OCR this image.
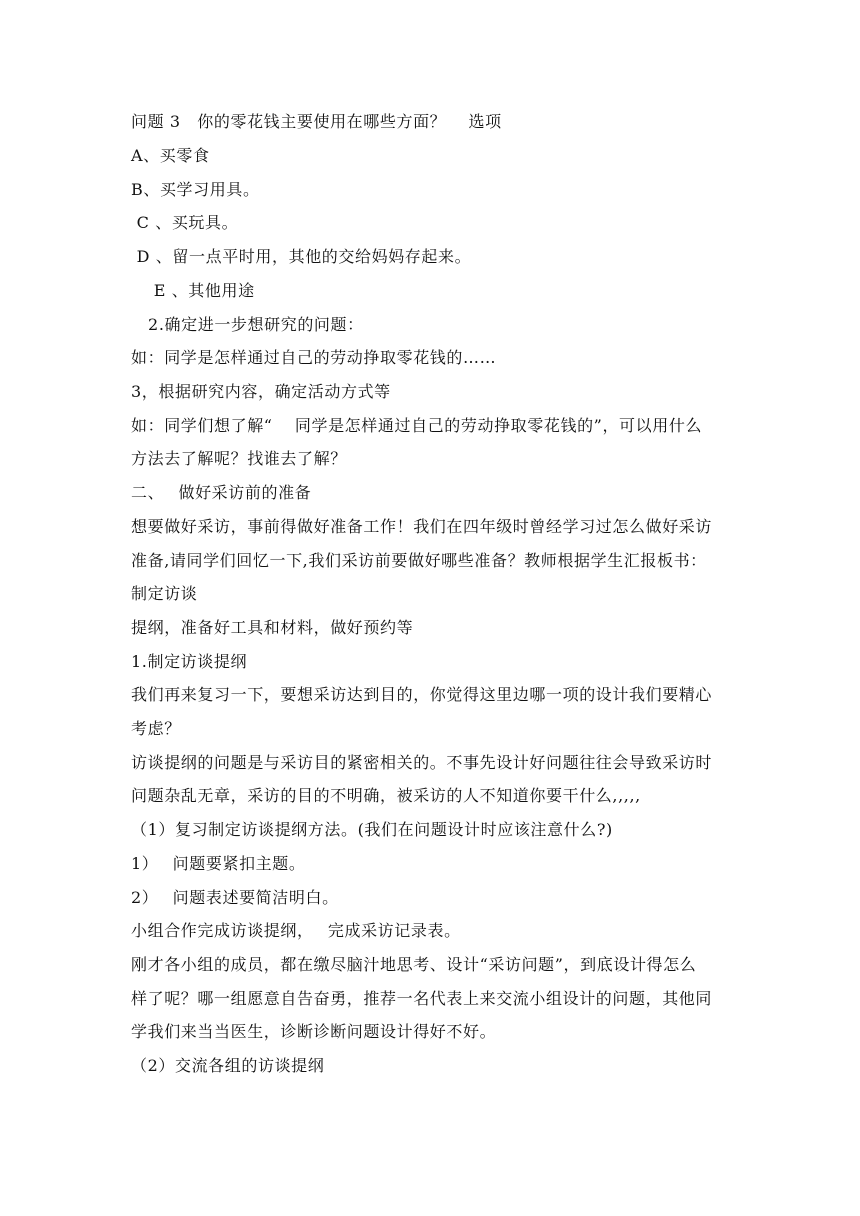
问题 3　你的零花钱主要使用在哪些方面？　 选项
A、买零食
B、买学习用具。
C 、买玩具。
D 、留一点平时用，其他的交给妈妈存起来。
E 、其他用途
2.确定进一步想研究的问题：
如：同学是怎样通过自己的劳动挣取零花钱的……
3，根据研究内容，确定活动方式等
如：同学们想了解“　 同学是怎样通过自己的劳动挣取零花钱的”，可以用什么
方法去了解呢？找谁去了解？
二、　 做好采访前的准备
想要做好采访，事前得做好准备工作！我们在四年级时曾经学习过怎么做好采访
准备,请同学们回忆一下,我们采访前要做好哪些准备？教师根据学生汇报板书：
制定访谈
提纲，准备好工具和材料，做好预约等
1.制定访谈提纲
我们再来复习一下，要想采访达到目的，你觉得这里边哪一项的设计我们要精心
考虑？
访谈提纲的问题是与采访目的紧密相关的。不事先设计好问题往往会导致采访时
问题杂乱无章，采访的目的不明确，被采访的人不知道你要干什么,,,,,
（1）复习制定访谈提纲方法。(我们在问题设计时应该注意什么?)
1）　 问题要紧扣主题。
2）　 问题表述要简洁明白。
小组合作完成访谈提纲，　 完成采访记录表。
刚才各小组的成员，都在缴尽脑汁地思考、设计“采访问题”，到底设计得怎么
样了呢？哪一组愿意自告奋勇，推荐一名代表上来交流小组设计的问题，其他同
学我们来当当医生，诊断诊断问题设计得好不好。
（2）交流各组的访谈提纲
